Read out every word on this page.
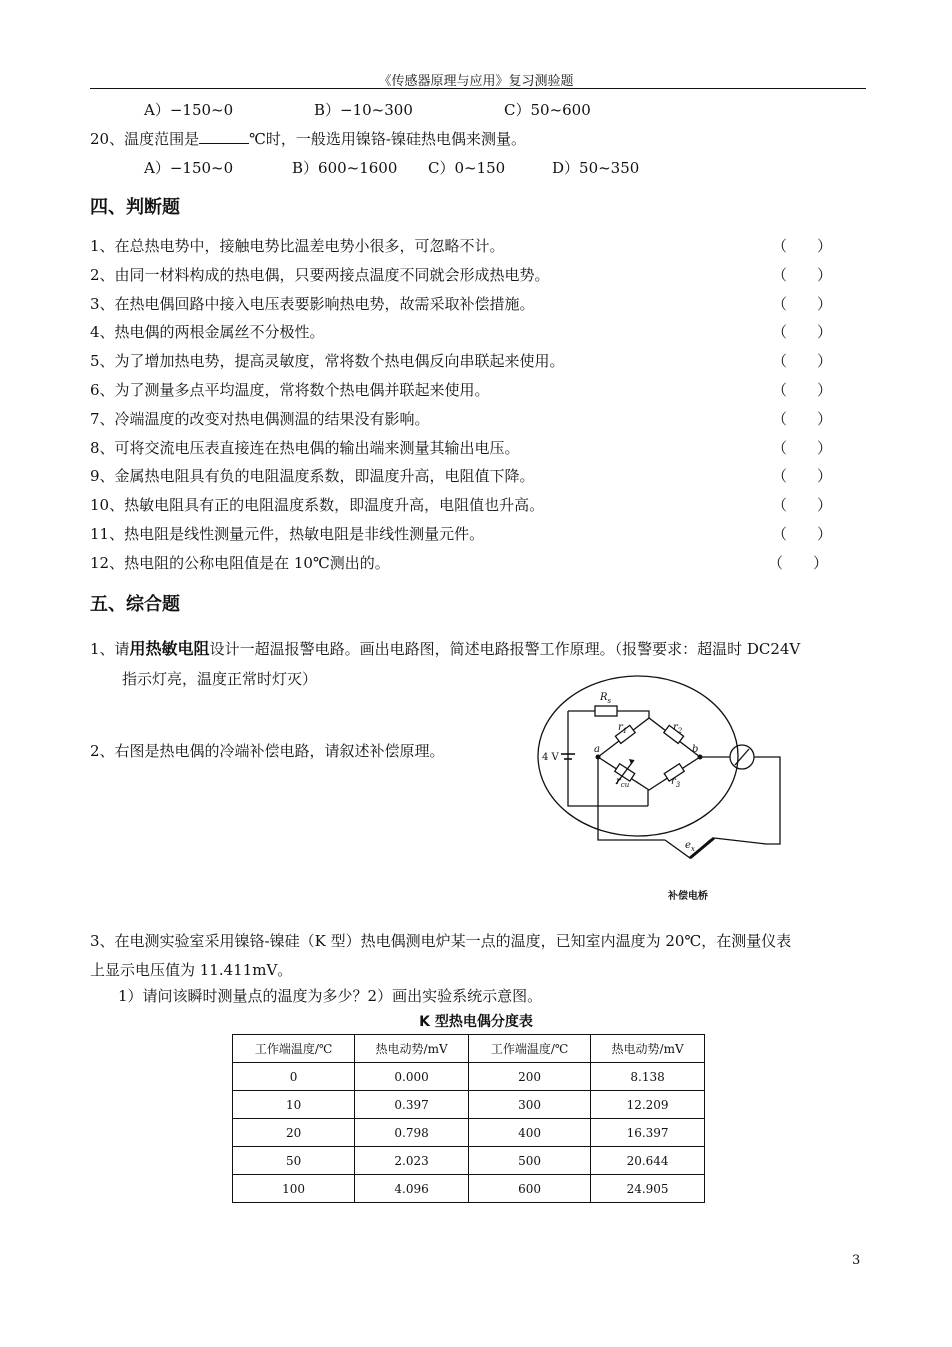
《传感器原理与应用》复习测验题
A）−150~0	B）−10~300	C）50~600
20、温度范围是	℃时，一般选用镍铬-镍硅热电偶来测量。
A）−150~0	B）600~1600 C）0~150	D）50~350
四、判断题
1、在总热电势中，接触电势比温差电势小很多，可忽略不计。	（ ）
2、由同一材料构成的热电偶，只要两接点温度不同就会形成热电势。	（ ）
3、在热电偶回路中接入电压表要影响热电势，故需采取补偿措施。	（ ）
4、热电偶的两根金属丝不分极性。	（ ）
5、为了增加热电势，提高灵敏度，常将数个热电偶反向串联起来使用。	（ ）
6、为了测量多点平均温度，常将数个热电偶并联起来使用。	（ ）
7、冷端温度的改变对热电偶测温的结果没有影响。	（ ）
8、可将交流电压表直接连在热电偶的输出端来测量其输出电压。	（ ）
9、金属热电阻具有负的电阻温度系数，即温度升高，电阻值下降。	（ ）
10、热敏电阻具有正的电阻温度系数，即温度升高，电阻值也升高。	（ ）
11、热电阻是线性测量元件，热敏电阻是非线性测量元件。	（ ）
12、热电阻的公称电阻值是在 10℃测出的。	（ ）
五、综合题
1、请用热敏电阻设计一超温报警电路。画出电路图，简述电路报警工作原理。（报警要求：超温时 DC24V
指示灯亮，温度正常时灯灭）
2、右图是热电偶的冷端补偿电路，请叙述补偿原理。
$R_s$
$r_1$	$r_2$
$r_3$
$r_{cu}$
a	b
4 V
$e_x$
补偿电桥
3、在电测实验室采用镍铬-镍硅（K 型）热电偶测电炉某一点的温度，已知室内温度为 20℃，在测量仪表
上显示电压值为 11.411mV。
1）请问该瞬时测量点的温度为多少？2）画出实验系统示意图。
K 型热电偶分度表
工作端温度/℃	热电动势/mV	工作端温度/℃	热电动势/mV
0	0.000	200	8.138
10	0.397	300	12.209
20	0.798	400	16.397
50	2.023	500	20.644
100	4.096	600	24.905
3
